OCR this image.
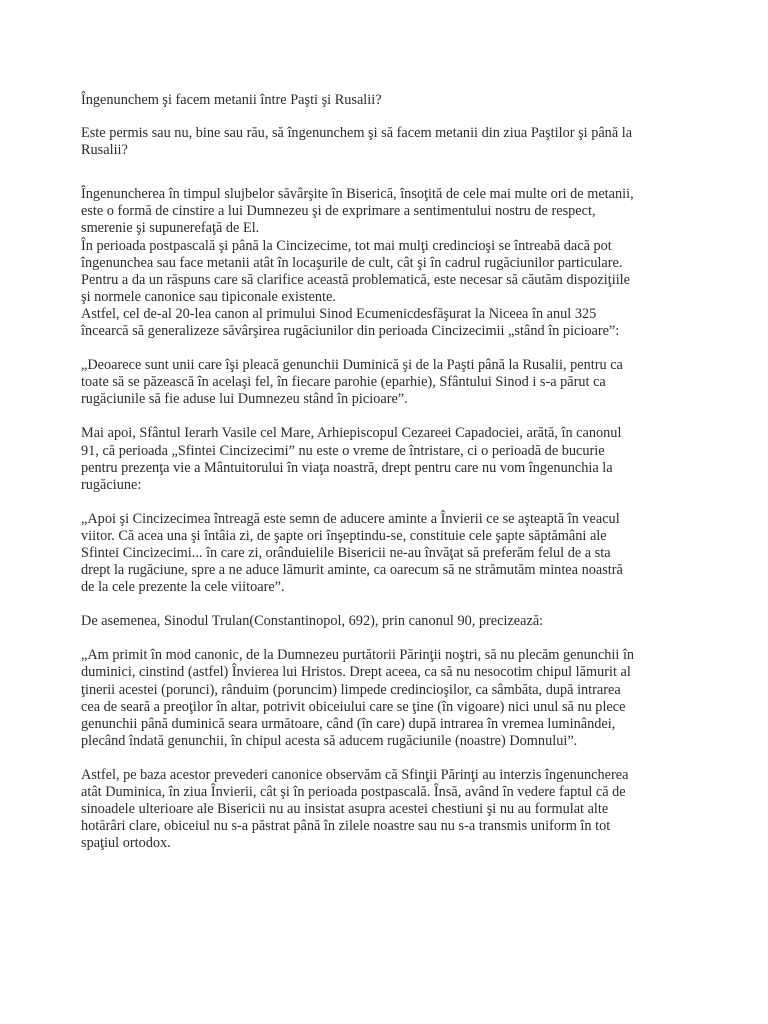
Îngenunchem şi facem metanii între Paşti şi Rusalii?

Este permis sau nu, bine sau rău, să îngenunchem şi să facem metanii din ziua Paştilor şi până la
Rusalii?

Îngenuncherea în timpul slujbelor săvârşite în Biserică, însoţită de cele mai multe ori de metanii,
este o formă de cinstire a lui Dumnezeu şi de exprimare a sentimentului nostru de respect,
smerenie şi supunerefaţă de El.
În perioada postpascală şi până la Cincizecime, tot mai mulţi credincioşi se întreabă dacă pot
îngenunchea sau face metanii atât în locaşurile de cult, cât şi în cadrul rugăciunilor particulare.
Pentru a da un răspuns care să clarifice această problematică, este necesar să căutăm dispoziţiile
şi normele canonice sau tipiconale existente.
Astfel, cel de-al 20-lea canon al primului Sinod Ecumenicdesfăşurat la Niceea în anul 325
încearcă să generalizeze săvârşirea rugăciunilor din perioada Cincizecimii „stând în picioare”:

„Deoarece sunt unii care îşi pleacă genunchii Duminică şi de la Paşti până la Rusalii, pentru ca
toate să se păzească în acelaşi fel, în fiecare parohie (eparhie), Sfântului Sinod i s-a părut ca
rugăciunile să fie aduse lui Dumnezeu stând în picioare”.

Mai apoi, Sfântul Ierarh Vasile cel Mare, Arhiepiscopul Cezareei Capadociei, arătă, în canonul
91, că perioada „Sfintei Cincizecimi” nu este o vreme de întristare, ci o perioadă de bucurie
pentru prezenţa vie a Mântuitorului în viaţa noastră, drept pentru care nu vom îngenunchia la
rugăciune:

„Apoi şi Cincizecimea întreagă este semn de aducere aminte a Învierii ce se aşteaptă în veacul
viitor. Că acea una şi întâia zi, de şapte ori înşeptindu-se, constituie cele şapte săptămâni ale
Sfintei Cincizecimi... în care zi, orânduielile Bisericii ne-au învăţat să preferăm felul de a sta
drept la rugăciune, spre a ne aduce lămurit aminte, ca oarecum să ne strămutăm mintea noastră
de la cele prezente la cele viitoare”.

De asemenea, Sinodul Trulan(Constantinopol, 692), prin canonul 90, precizează:

„Am primit în mod canonic, de la Dumnezeu purtătorii Părinţii noştri, să nu plecăm genunchii în
duminici, cinstind (astfel) Învierea lui Hristos. Drept aceea, ca să nu nesocotim chipul lămurit al
ţinerii acestei (porunci), rânduim (poruncim) limpede credincioşilor, ca sâmbăta, după intrarea
cea de seară a preoţilor în altar, potrivit obiceiului care se ţine (în vigoare) nici unul să nu plece
genunchii până duminică seara următoare, când (în care) după intrarea în vremea luminândei,
plecând îndată genunchii, în chipul acesta să aducem rugăciunile (noastre) Domnului”.

Astfel, pe baza acestor prevederi canonice observăm că Sfinţii Părinţi au interzis îngenuncherea
atât Duminica, în ziua Învierii, cât şi în perioada postpascală. Însă, având în vedere faptul că de
sinoadele ulterioare ale Bisericii nu au insistat asupra acestei chestiuni şi nu au formulat alte
hotărâri clare, obiceiul nu s-a păstrat până în zilele noastre sau nu s-a transmis uniform în tot
spaţiul ortodox.
